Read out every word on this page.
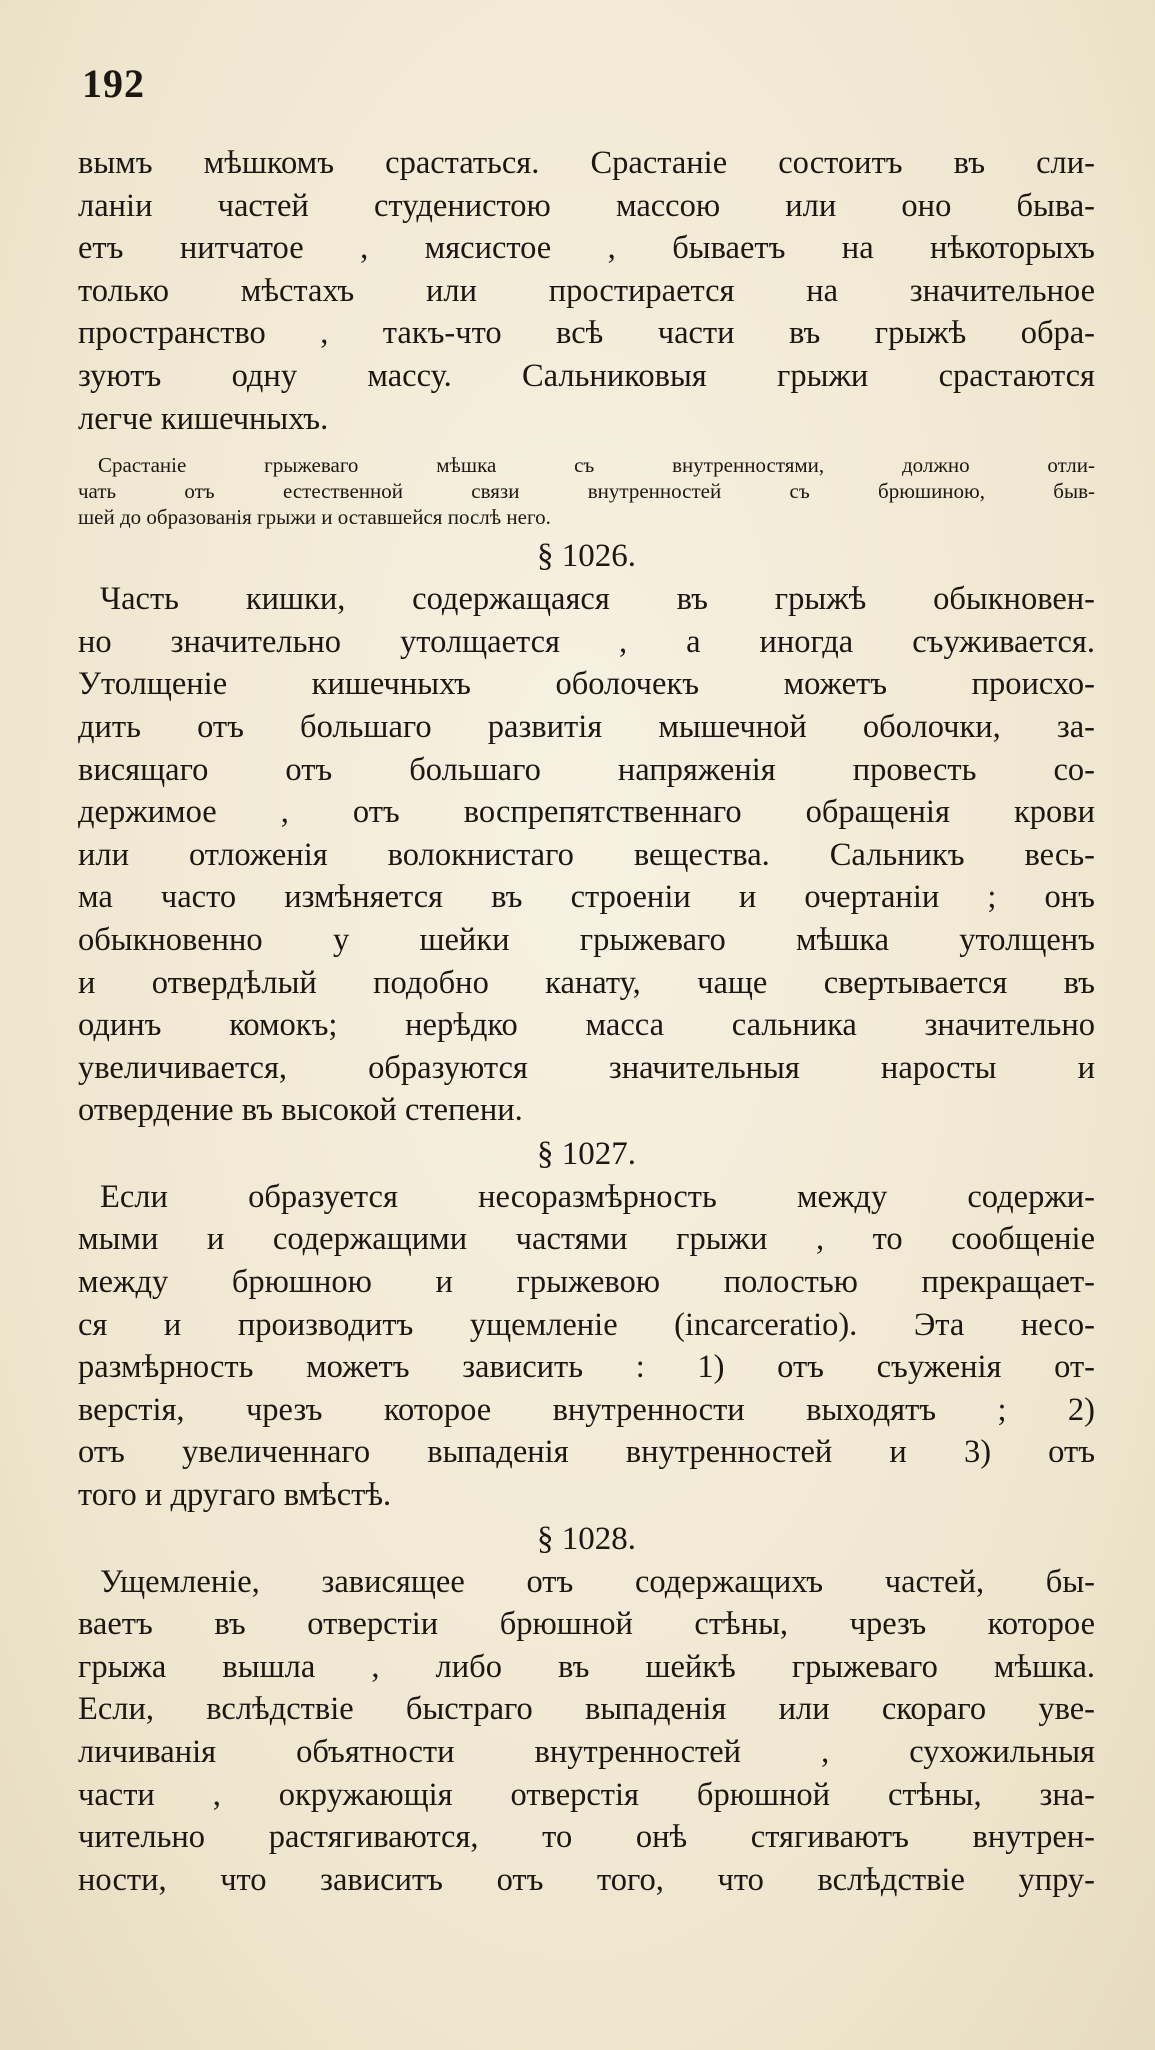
192
вымъ мѣшкомъ срастаться. Срастаніе состоитъ въ сли-
ланіи частей студенистою массою или оно быва-
етъ нитчатое , мясистое , бываетъ на нѣкоторыхъ
только мѣстахъ или простирается на значительное
пространство , такъ-что всѣ части въ грыжѣ обра-
зуютъ одну массу. Сальниковыя грыжи срастаются
легче кишечныхъ.
Срастаніе грыжеваго мѣшка съ внутренностями, должно отли-
чать отъ естественной связи внутренностей съ брюшиною, быв-
шей до образованія грыжи и оставшейся послѣ него.
§ 1026.
Часть кишки, содержащаяся въ грыжѣ обыкновен-
но значительно утолщается , а иногда съуживается.
Утолщеніе кишечныхъ оболочекъ можетъ происхо-
дить отъ большаго развитія мышечной оболочки, за-
висящаго отъ большаго напряженія провесть со-
держимое , отъ воспрепятственнаго обращенія крови
или отложенія волокнистаго вещества. Сальникъ весь-
ма часто измѣняется въ строеніи и очертаніи ; онъ
обыкновенно у шейки грыжеваго мѣшка утолщенъ
и отвердѣлый подобно канату, чаще свертывается въ
одинъ комокъ; нерѣдко масса сальника значительно
увеличивается, образуются значительныя наросты и
отвердение въ высокой степени.
§ 1027.
Если образуется несоразмѣрность между содержи-
мыми и содержащими частями грыжи , то сообщеніе
между брюшною и грыжевою полостью прекращает-
ся и производитъ ущемленіе (incarceratio). Эта несо-
размѣрность можетъ зависить : 1) отъ съуженія от-
верстія, чрезъ которое внутренности выходятъ ; 2)
отъ увеличеннаго выпаденія внутренностей и 3) отъ
того и другаго вмѣстѣ.
§ 1028.
Ущемленіе, зависящее отъ содержащихъ частей, бы-
ваетъ въ отверстіи брюшной стѣны, чрезъ которое
грыжа вышла , либо въ шейкѣ грыжеваго мѣшка.
Если, вслѣдствіе быстраго выпаденія или скораго уве-
личиванія объятности внутренностей , сухожильныя
части , окружающія отверстія брюшной стѣны, зна-
чительно растягиваются, то онѣ стягиваютъ внутрен-
ности, что зависитъ отъ того, что вслѣдствіе упру-
